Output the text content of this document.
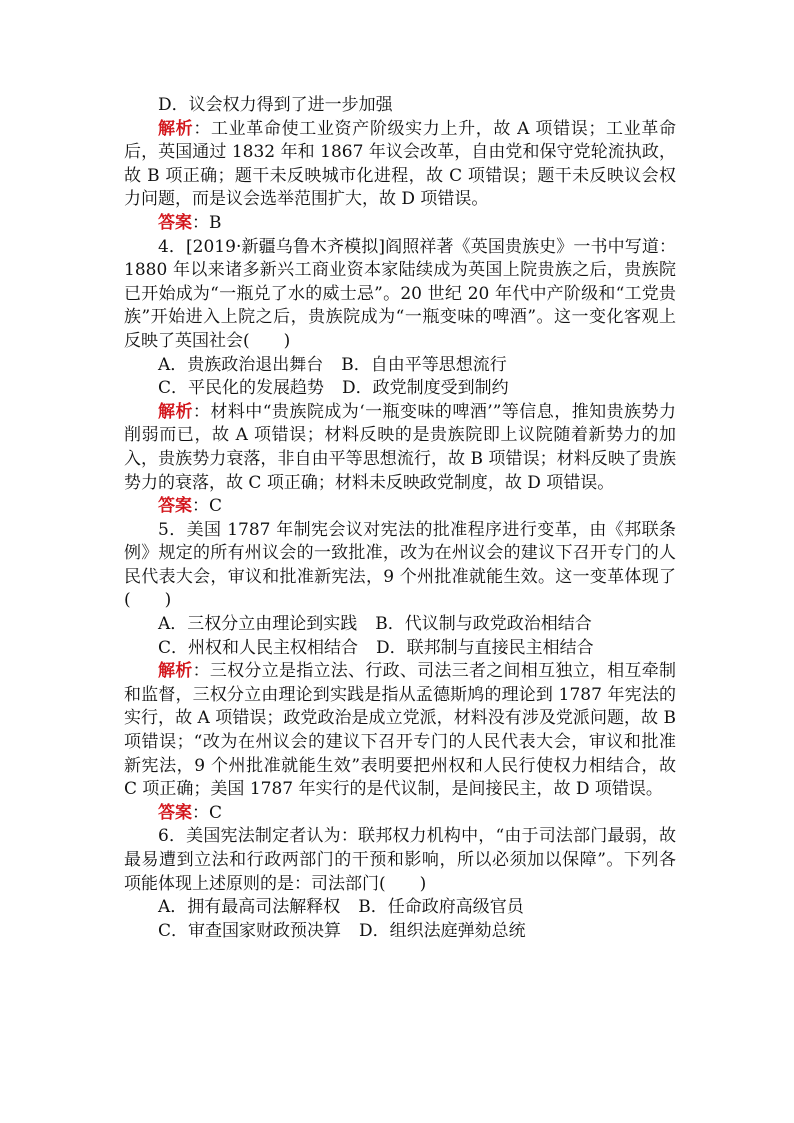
D．议会权力得到了进一步加强

解析：工业革命使工业资产阶级实力上升，故 A 项错误；工业革命后，英国通过 1832 年和 1867 年议会改革，自由党和保守党轮流执政，故 B 项正确；题干未反映城市化进程，故 C 项错误；题干未反映议会权力问题，而是议会选举范围扩大，故 D 项错误。

答案：B

4．[2019·新疆乌鲁木齐模拟]阎照祥著《英国贵族史》一书中写道：1880 年以来诸多新兴工商业资本家陆续成为英国上院贵族之后，贵族院已开始成为“一瓶兑了水的威士忌”。20 世纪 20 年代中产阶级和“工党贵族”开始进入上院之后，贵族院成为“一瓶变味的啤酒”。这一变化客观上反映了英国社会(　　)

A．贵族政治退出舞台 B．自由平等思想流行

C．平民化的发展趋势 D．政党制度受到制约

解析：材料中“贵族院成为‘一瓶变味的啤酒’”等信息，推知贵族势力削弱而已，故 A 项错误；材料反映的是贵族院即上议院随着新势力的加入，贵族势力衰落，非自由平等思想流行，故 B 项错误；材料反映了贵族势力的衰落，故 C 项正确；材料未反映政党制度，故 D 项错误。

答案：C

5．美国 1787 年制宪会议对宪法的批准程序进行变革，由《邦联条例》规定的所有州议会的一致批准，改为在州议会的建议下召开专门的人民代表大会，审议和批准新宪法，9 个州批准就能生效。这一变革体现了(　　)

A．三权分立由理论到实践 B．代议制与政党政治相结合

C．州权和人民主权相结合 D．联邦制与直接民主相结合

解析：三权分立是指立法、行政、司法三者之间相互独立，相互牵制和监督，三权分立由理论到实践是指从孟德斯鸠的理论到 1787 年宪法的实行，故 A 项错误；政党政治是成立党派，材料没有涉及党派问题，故 B 项错误；“改为在州议会的建议下召开专门的人民代表大会，审议和批准新宪法，9 个州批准就能生效”表明要把州权和人民行使权力相结合，故 C 项正确；美国 1787 年实行的是代议制，是间接民主，故 D 项错误。

答案：C

6．美国宪法制定者认为：联邦权力机构中，“由于司法部门最弱，故最易遭到立法和行政两部门的干预和影响，所以必须加以保障”。下列各项能体现上述原则的是：司法部门(　　)

A．拥有最高司法解释权 B．任命政府高级官员

C．审查国家财政预决算 D．组织法庭弹劾总统
